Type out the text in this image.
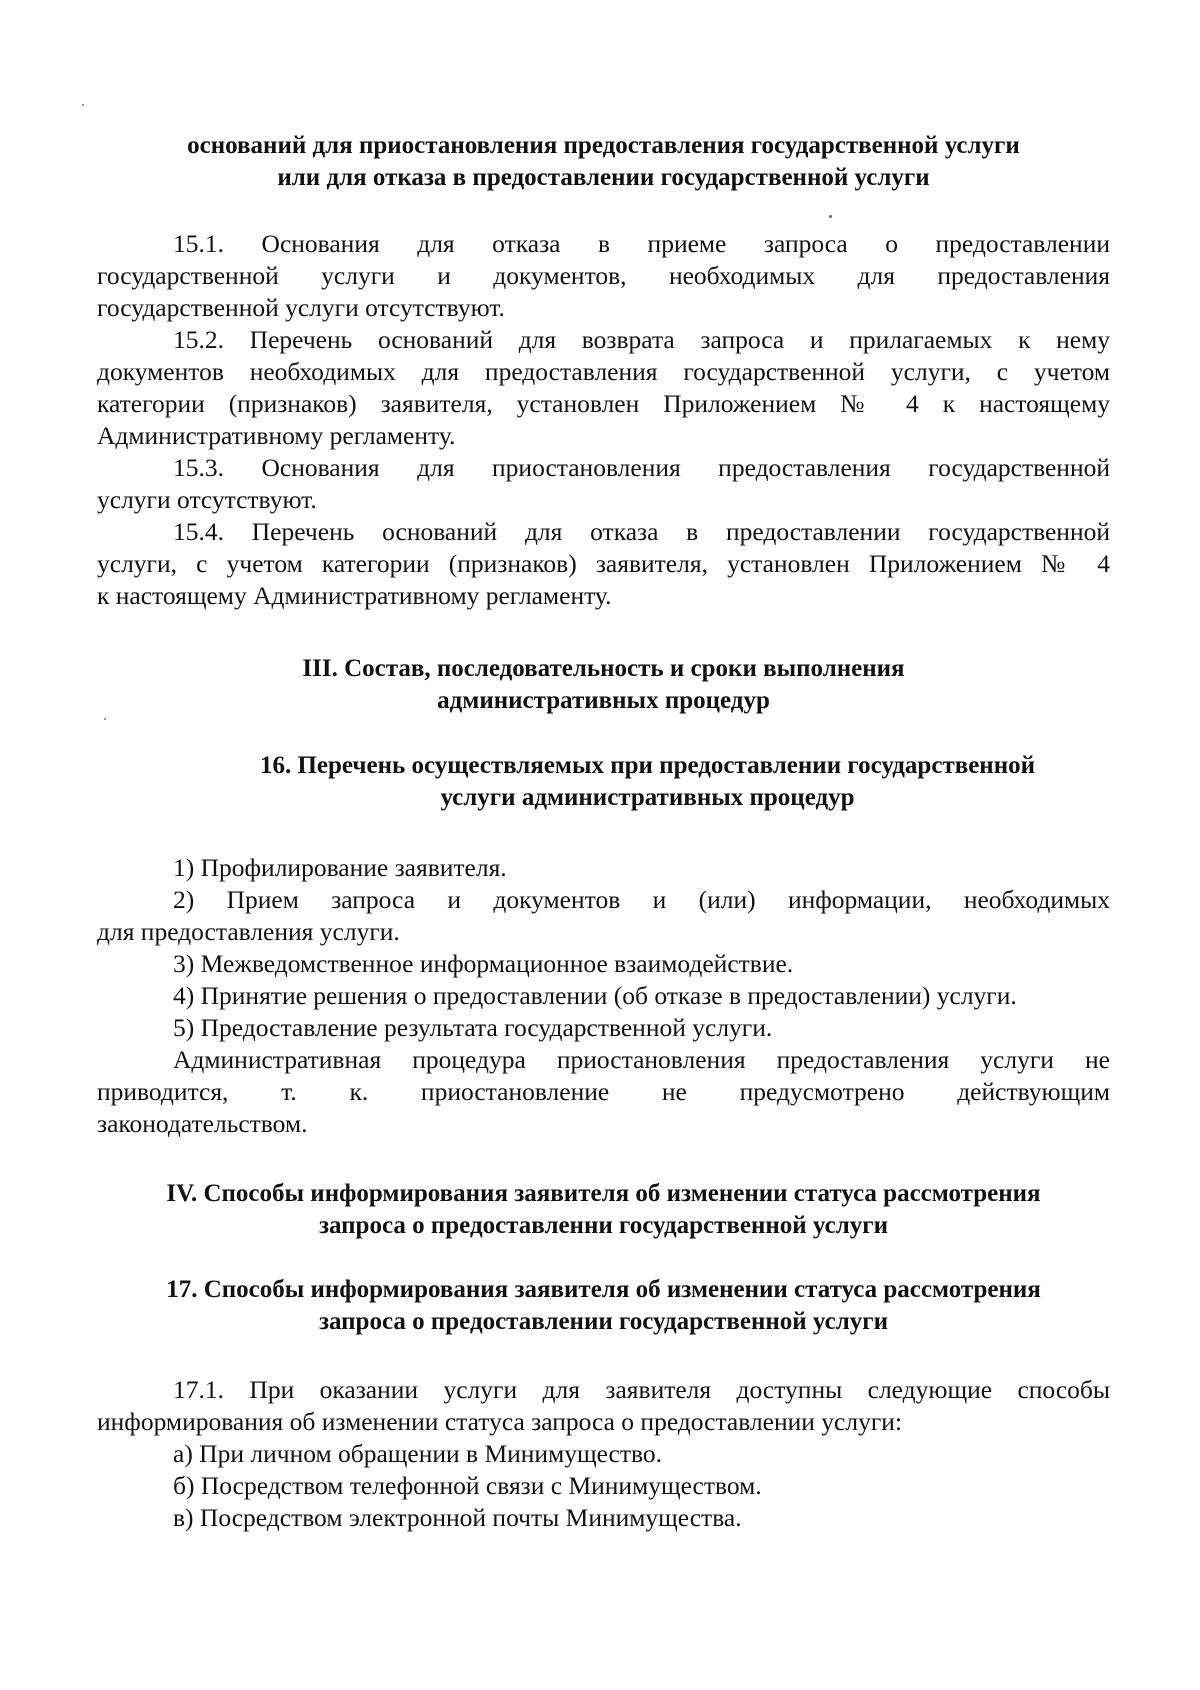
оснований для приостановления предоставления государственной услуги
или для отказа в предоставлении государственной услуги
15.1. Основания для отказа в приеме запроса о предоставлении
государственной услуги и документов, необходимых для предоставления
государственной услуги отсутствуют.
15.2. Перечень оснований для возврата запроса и прилагаемых к нему
документов необходимых для предоставления государственной услуги, с учетом
категории (признаков) заявителя, установлен Приложением № 4 к настоящему
Административному регламенту.
15.3. Основания для приостановления предоставления государственной
услуги отсутствуют.
15.4. Перечень оснований для отказа в предоставлении государственной
услуги, с учетом категории (признаков) заявителя, установлен Приложением № 4
к настоящему Административному регламенту.
III. Состав, последовательность и сроки выполнения
административных процедур
16. Перечень осуществляемых при предоставлении государственной
услуги административных процедур
1) Профилирование заявителя.
2) Прием запроса и документов и (или) информации, необходимых
для предоставления услуги.
3) Межведомственное информационное взаимодействие.
4) Принятие решения о предоставлении (об отказе в предоставлении) услуги.
5) Предоставление результата государственной услуги.
Административная процедура приостановления предоставления услуги не
приводится, т. к. приостановление не предусмотрено действующим
законодательством.
IV. Способы информирования заявителя об изменении статуса рассмотрения
запроса о предоставленни государственной услуги
17. Способы информирования заявителя об изменении статуса рассмотрения
запроса о предоставлении государственной услуги
17.1. При оказании услуги для заявителя доступны следующие способы
информирования об изменении статуса запроса о предоставлении услуги:
а) При личном обращении в Минимущество.
б) Посредством телефонной связи с Минимуществом.
в) Посредством электронной почты Минимущества.
